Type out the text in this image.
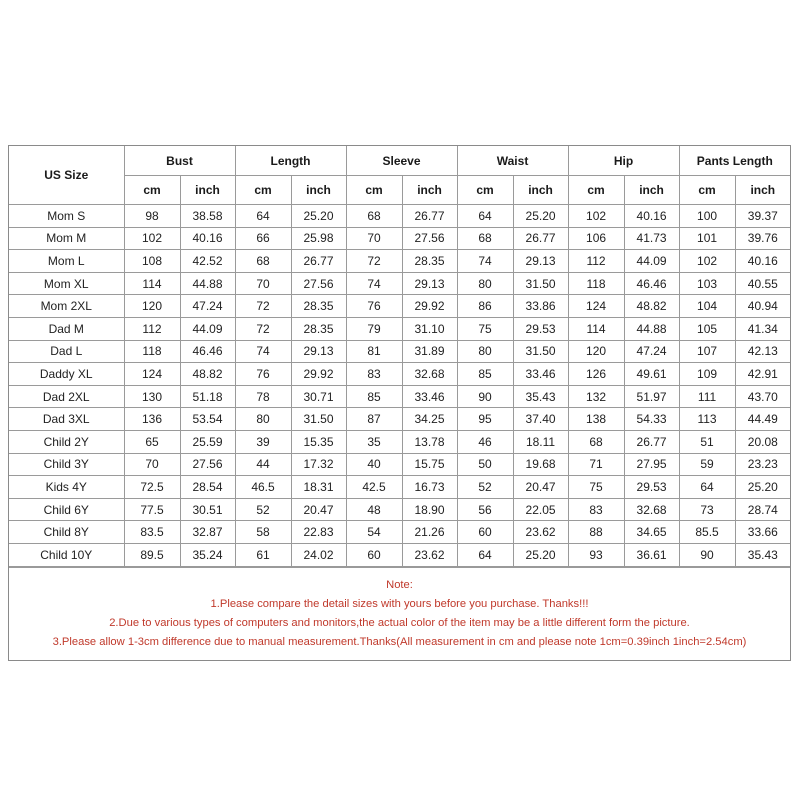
US Size	Bust		Length		Sleeve		Waist		Hip		Pants Length	
	cm	inch	cm	inch	cm	inch	cm	inch	cm	inch	cm	inch
Mom S	98	38.58	64	25.20	68	26.77	64	25.20	102	40.16	100	39.37
Mom M	102	40.16	66	25.98	70	27.56	68	26.77	106	41.73	101	39.76
Mom L	108	42.52	68	26.77	72	28.35	74	29.13	112	44.09	102	40.16
Mom XL	114	44.88	70	27.56	74	29.13	80	31.50	118	46.46	103	40.55
Mom 2XL	120	47.24	72	28.35	76	29.92	86	33.86	124	48.82	104	40.94
Dad M	112	44.09	72	28.35	79	31.10	75	29.53	114	44.88	105	41.34
Dad L	118	46.46	74	29.13	81	31.89	80	31.50	120	47.24	107	42.13
Daddy XL	124	48.82	76	29.92	83	32.68	85	33.46	126	49.61	109	42.91
Dad 2XL	130	51.18	78	30.71	85	33.46	90	35.43	132	51.97	111	43.70
Dad 3XL	136	53.54	80	31.50	87	34.25	95	37.40	138	54.33	113	44.49
Child 2Y	65	25.59	39	15.35	35	13.78	46	18.11	68	26.77	51	20.08
Child 3Y	70	27.56	44	17.32	40	15.75	50	19.68	71	27.95	59	23.23
Kids 4Y	72.5	28.54	46.5	18.31	42.5	16.73	52	20.47	75	29.53	64	25.20
Child 6Y	77.5	30.51	52	20.47	48	18.90	56	22.05	83	32.68	73	28.74
Child 8Y	83.5	32.87	58	22.83	54	21.26	60	23.62	88	34.65	85.5	33.66
Child 10Y	89.5	35.24	61	24.02	60	23.62	64	25.20	93	36.61	90	35.43
Note:
1.Please compare the detail sizes with yours before you purchase. Thanks!!!
2.Due to various types of computers and monitors,the actual color of the item may be a little different form the picture.
3.Please allow 1-3cm difference due to manual measurement.Thanks(All measurement in cm and please note 1cm=0.39inch 1inch=2.54cm)
